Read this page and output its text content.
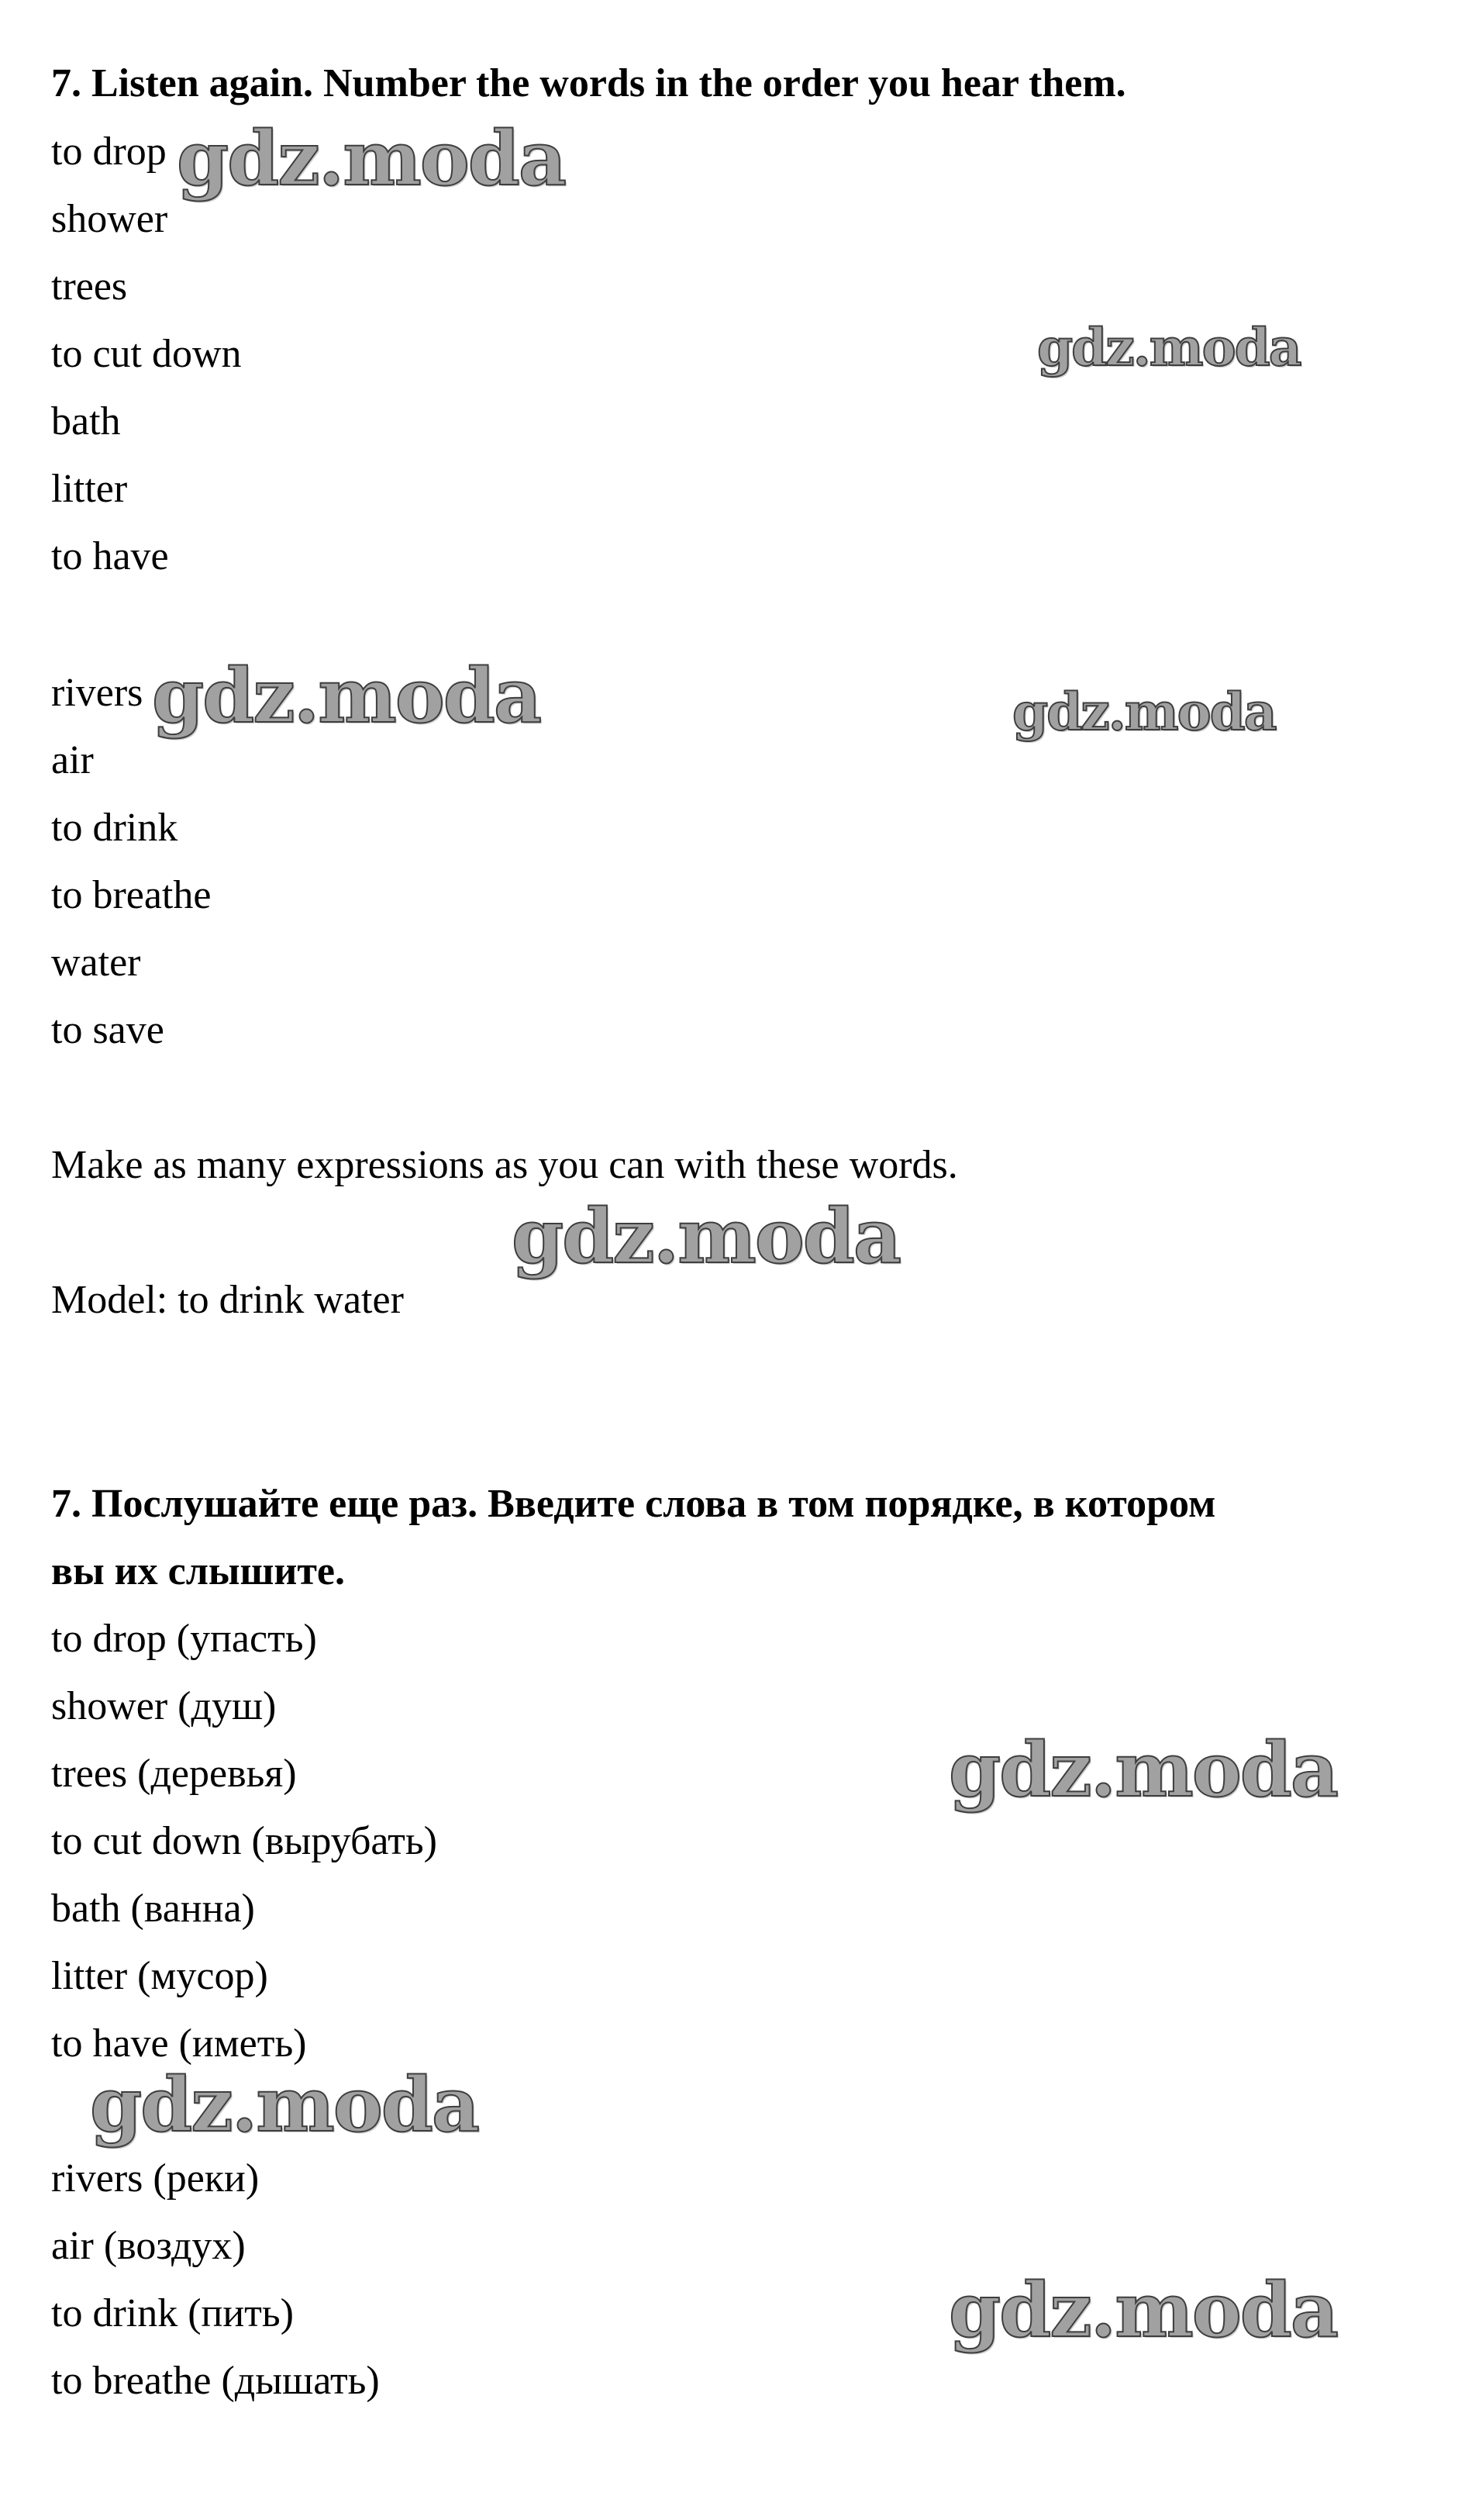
7. Listen again. Number the words in the order you hear them.
to drop
shower
trees
to cut down
bath
litter
to have
rivers
air
to drink
to breathe
water
to save
Make as many expressions as you can with these words.
Model: to drink water
7. Послушайте еще раз. Введите слова в том порядке, в котором
вы их слышите.
to drop (упасть)
shower (душ)
trees (деревья)
to cut down (вырубать)
bath (ванна)
litter (мусор)
to have (иметь)
rivers (реки)
air (воздух)
to drink (пить)
to breathe (дышать)
gdz.moda
gdz.moda
gdz.moda	gdz.moda
gdz.moda
gdz.moda
gdz.moda
gdz.moda
